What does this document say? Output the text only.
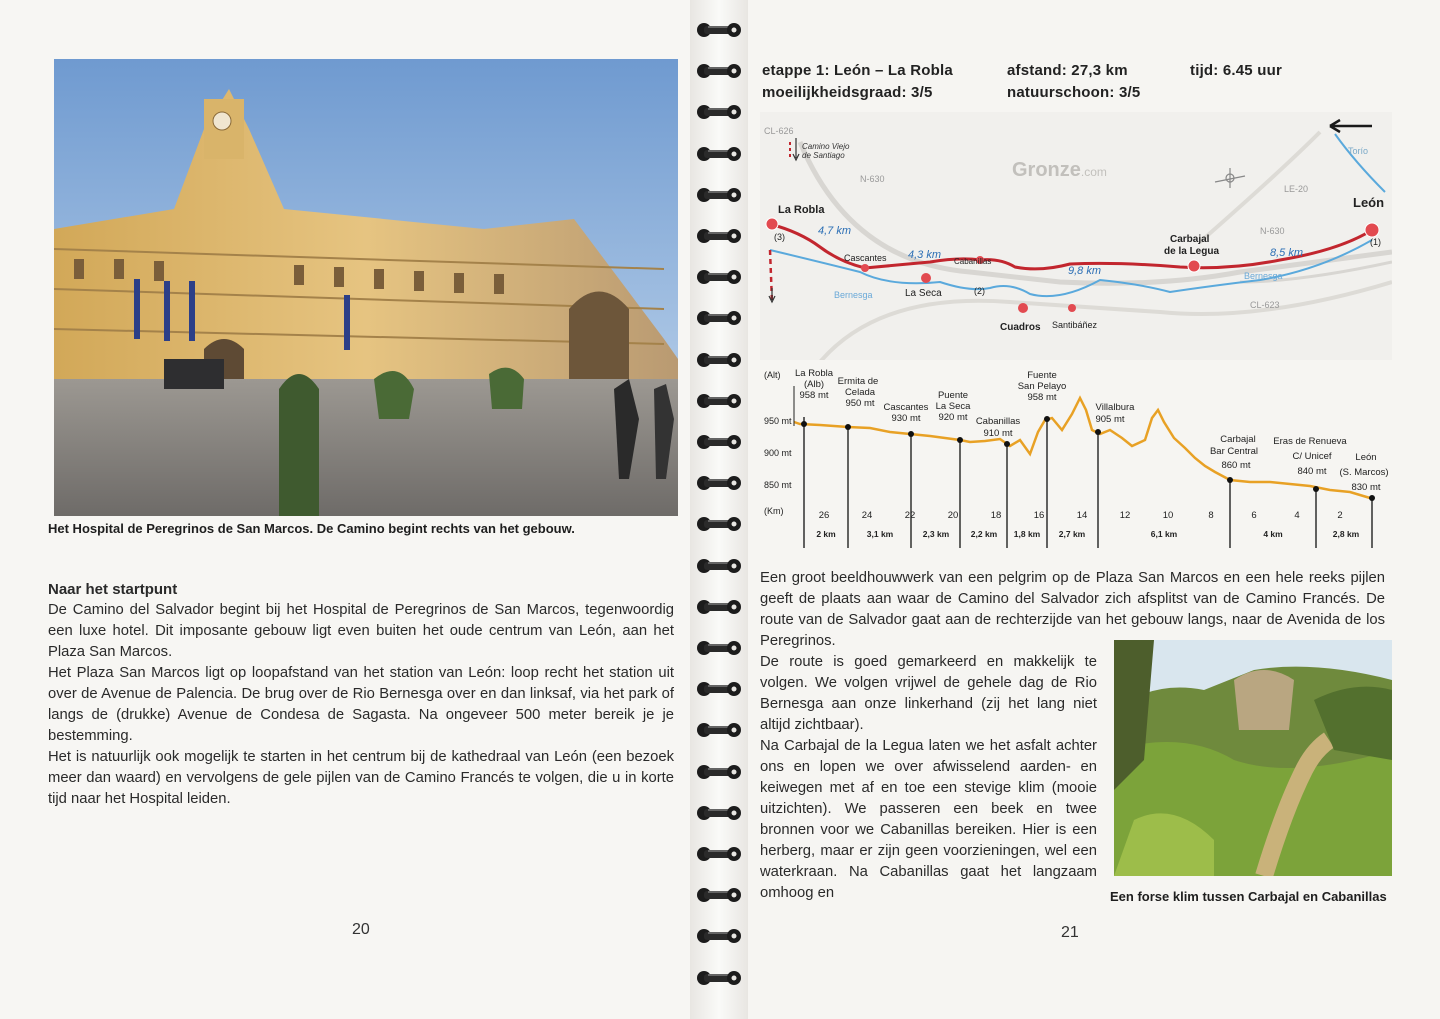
Het Hospital de Peregrinos de San Marcos. De Camino begint rechts van het gebouw.

Naar het startpunt

De Camino del Salvador begint bij het Hospital de Peregrinos de San Marcos, tegenwoordig een luxe hotel. Dit imposante gebouw ligt even buiten het oude centrum van León, aan het Plaza San Marcos.

Het Plaza San Marcos ligt op loopafstand van het station van León: loop recht het station uit over de Avenue de Palencia. De brug over de Rio Bernesga over en dan linksaf, via het park of langs de (drukke) Avenue de Condesa de Sagasta. Na ongeveer 500 meter bereik je je bestemming.

Het is natuurlijk ook mogelijk te starten in het centrum bij de kathedraal van León (een bezoek meer dan waard) en vervolgens de gele pijlen van de Camino Francés te volgen, die u in korte tijd naar het Hospital leiden.

20
etappe 1: León – La Robla
moeilijkheidsgraad: 3/5
afstand: 27,3 km
natuurschoon: 3/5
tijd: 6.45 uur
Gronze.com
CL-626
N-630
N-630
LE-20
CL-623
Torío
Camino Viejo
de Santiago
Bernesga
Bernesga
4,7 km
4,3 km
9,8 km
8,5 km
La Robla	León
Carbajal
de la Legua
Cascantes	Cabanillas
La Seca
Cuadros Santibáñez
(3)
(2)
(1)
(Alt)
950 mt
900 mt
850 mt
(Km)
La Robla (Alb) 958 mt
Ermita de Celada 950 mt Cascantes 930 mt
Puente La Seca 920 mt Cabanillas 910 mt
Fuente San Pelayo 958 mt
Villalbura 905 mt
Carbajal Bar Central 860 mt
Eras de Renueva C/ Unicef 840 mt
León (S. Marcos) 830 mt
26	24	22	20	18	16	14	12	10	8	6	4	2
2 km	3,1 km	2,3 km	2,2 km 1,8 km 2,7 km	6,1 km	4 km	2,8 km
Een groot beeldhouwwerk van een pelgrim op de Plaza San Marcos en een hele reeks pijlen geeft de plaats aan waar de Camino del Salvador zich afsplitst van de Camino Francés. De route van de Salvador gaat aan de rechterzijde van het gebouw langs, naar de Avenida de los Peregrinos.

De route is goed gemarkeerd en makkelijk te volgen. We volgen vrijwel de gehele dag de Rio Bernesga aan onze linkerhand (zij het lang niet altijd zichtbaar).

Na Carbajal de la Legua laten we het asfalt achter ons en lopen we over afwisselend aarden- en keiwegen met af en toe een stevige klim (mooie uitzichten). We passeren een beek en twee bronnen voor we Cabanillas bereiken. Hier is een herberg, maar er zijn geen voorzieningen, wel een waterkraan. Na Cabanillas gaat het langzaam omhoog en	Een forse klim tussen Carbajal en Cabanillas
21
